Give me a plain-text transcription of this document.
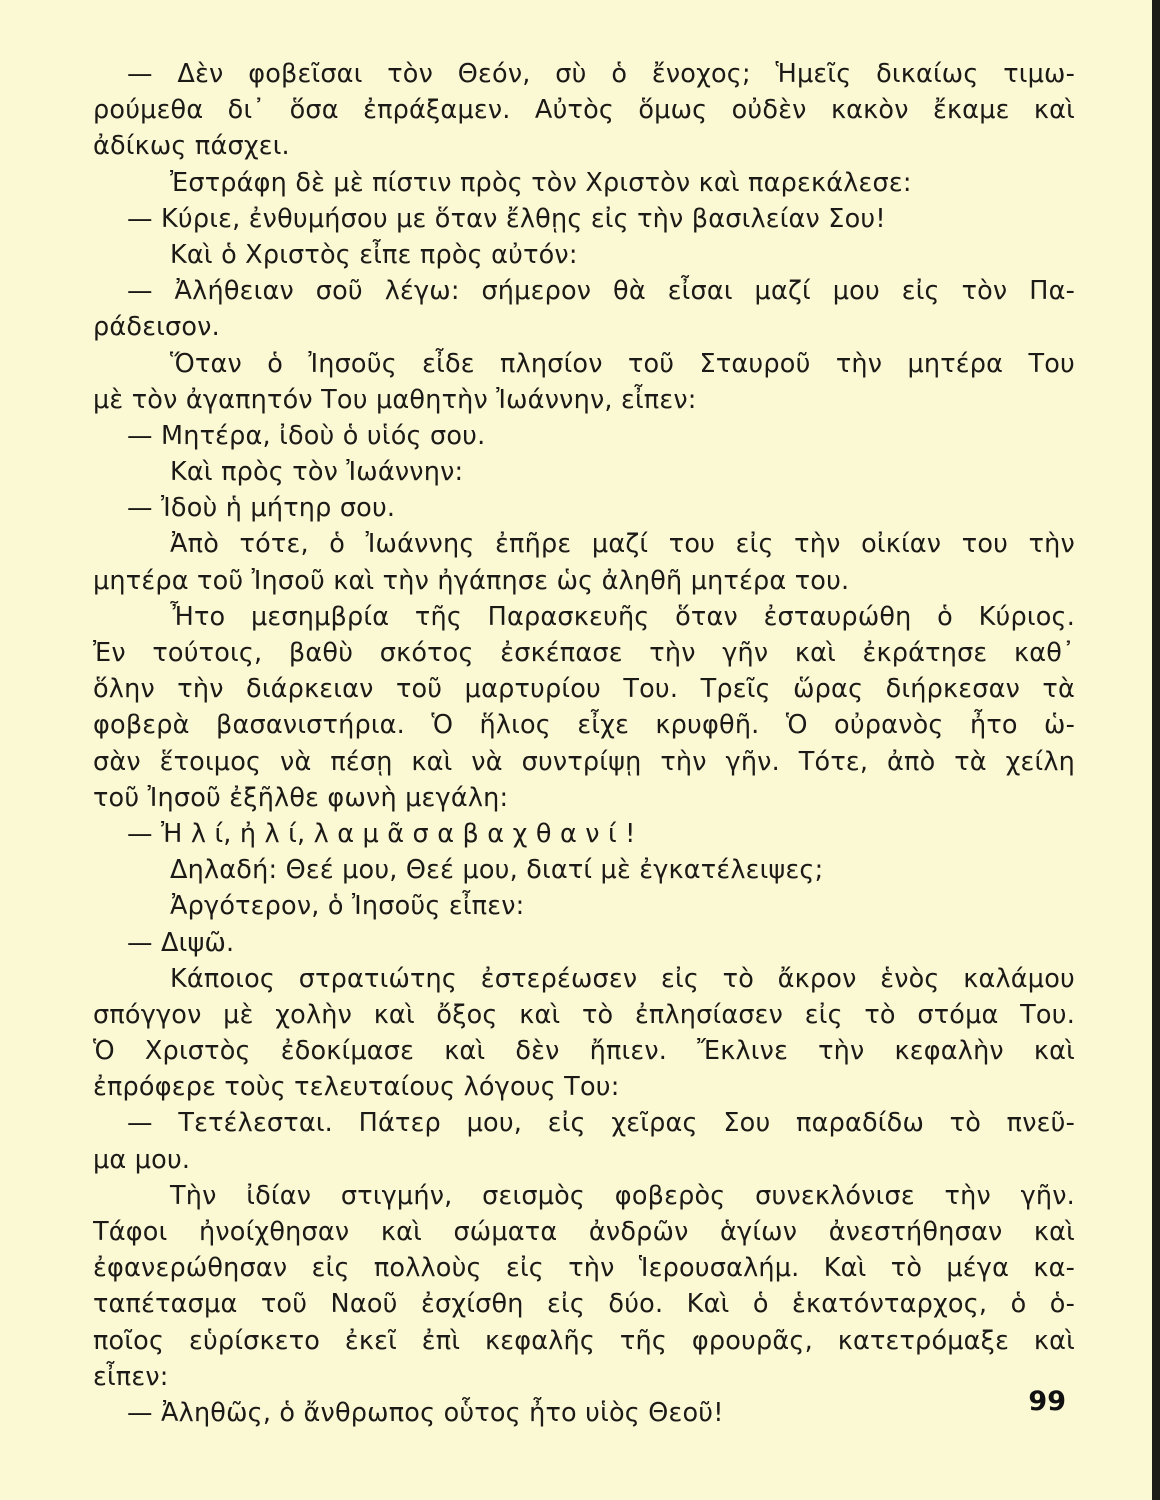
— Δὲν φοβεῖσαι τὸν Θεόν, σὺ ὁ ἔνοχος; Ἡμεῖς δικαίως τιμω-
ρούμεθα δι᾽ ὅσα ἐπράξαμεν. Αὐτὸς ὅμως οὐδὲν κακὸν ἔκαμε καὶ
ἀδίκως πάσχει.
Ἐστράφη δὲ μὲ πίστιν πρὸς τὸν Χριστὸν καὶ παρεκάλεσε:
— Κύριε, ἐνθυμήσου με ὅταν ἔλθῃς εἰς τὴν βασιλείαν Σου!
Καὶ ὁ Χριστὸς εἶπε πρὸς αὐτόν:
— Ἀλήθειαν σοῦ λέγω: σήμερον θὰ εἶσαι μαζί μου εἰς τὸν Πα-
ράδεισον.
Ὅταν ὁ Ἰησοῦς εἶδε πλησίον τοῦ Σταυροῦ τὴν μητέρα Του
μὲ τὸν ἀγαπητόν Του μαθητὴν Ἰωάννην, εἶπεν:
— Μητέρα, ἰδοὺ ὁ υἱός σου.
Καὶ πρὸς τὸν Ἰωάννην:
— Ἰδοὺ ἡ μήτηρ σου.
Ἀπὸ τότε, ὁ Ἰωάννης ἐπῆρε μαζί του εἰς τὴν οἰκίαν του τὴν
μητέρα τοῦ Ἰησοῦ καὶ τὴν ἠγάπησε ὡς ἀληθῆ μητέρα του.
Ἦτο μεσημβρία τῆς Παρασκευῆς ὅταν ἐσταυρώθη ὁ Κύριος.
Ἐν τούτοις, βαθὺ σκότος ἐσκέπασε τὴν γῆν καὶ ἐκράτησε καθ᾽
ὅλην τὴν διάρκειαν τοῦ μαρτυρίου Του. Τρεῖς ὥρας διήρκεσαν τὰ
φοβερὰ βασανιστήρια. Ὁ ἥλιος εἶχε κρυφθῆ. Ὁ οὐρανὸς ἦτο ὡ-
σὰν ἕτοιμος νὰ πέσῃ καὶ νὰ συντρίψῃ τὴν γῆν. Τότε, ἀπὸ τὰ χείλη
τοῦ Ἰησοῦ ἐξῆλθε φωνὴ μεγάλη:
— Ἠ λ ί, ἠ λ ί, λ α μ ᾶ σ α β α χ θ α ν ί !
Δηλαδή: Θεέ μου, Θεέ μου, διατί μὲ ἐγκατέλειψες;
Ἀργότερον, ὁ Ἰησοῦς εἶπεν:
— Διψῶ.
Κάποιος στρατιώτης ἐστερέωσεν εἰς τὸ ἄκρον ἑνὸς καλάμου
σπόγγον μὲ χολὴν καὶ ὄξος καὶ τὸ ἐπλησίασεν εἰς τὸ στόμα Του.
Ὁ Χριστὸς ἐδοκίμασε καὶ δὲν ἤπιεν. Ἔκλινε τὴν κεφαλὴν καὶ
ἐπρόφερε τοὺς τελευταίους λόγους Του:
— Τετέλεσται. Πάτερ μου, εἰς χεῖρας Σου παραδίδω τὸ πνεῦ-
μα μου.
Τὴν ἰδίαν στιγμήν, σεισμὸς φοβερὸς συνεκλόνισε τὴν γῆν.
Τάφοι ἠνοίχθησαν καὶ σώματα ἀνδρῶν ἁγίων ἀνεστήθησαν καὶ
ἐφανερώθησαν εἰς πολλοὺς εἰς τὴν Ἱερουσαλήμ. Καὶ τὸ μέγα κα-
ταπέτασμα τοῦ Ναοῦ ἐσχίσθη εἰς δύο. Καὶ ὁ ἑκατόνταρχος, ὁ ὁ-
ποῖος εὑρίσκετο ἐκεῖ ἐπὶ κεφαλῆς τῆς φρουρᾶς, κατετρόμαξε καὶ
εἶπεν:
— Ἀληθῶς, ὁ ἄνθρωπος οὗτος ἦτο υἱὸς Θεοῦ!	99
